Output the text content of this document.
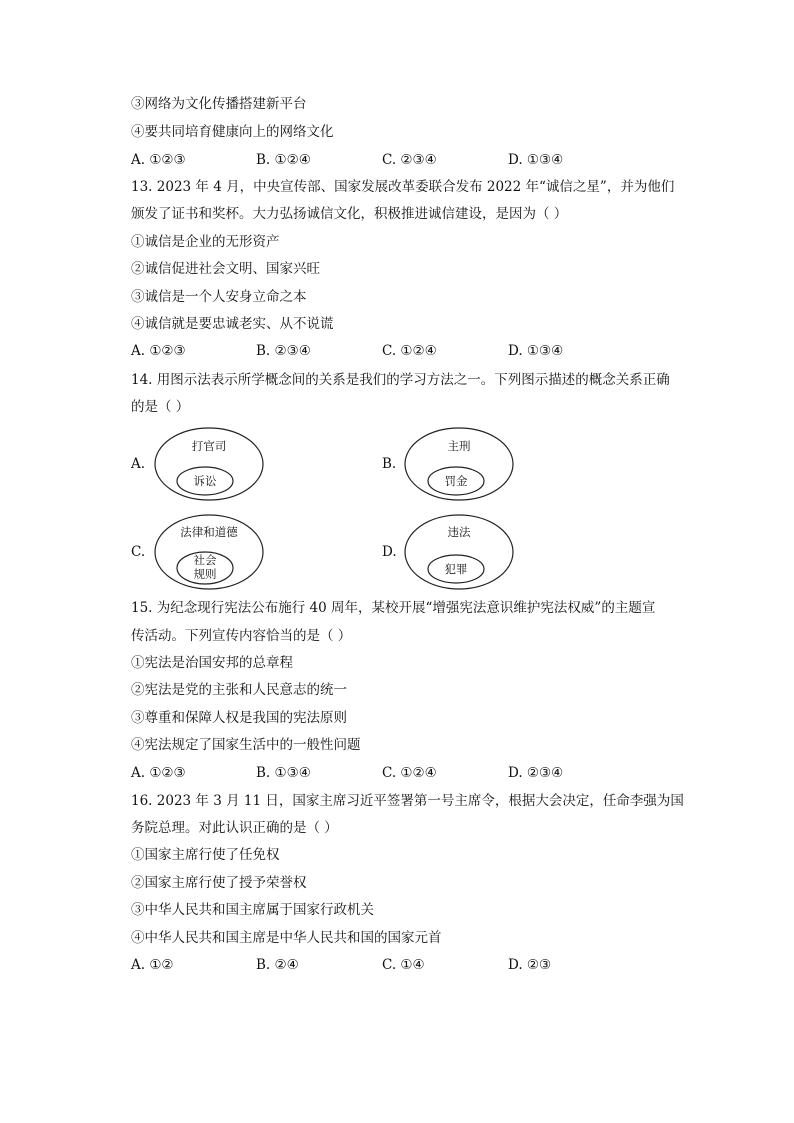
③网络为文化传播搭建新平台
④要共同培育健康向上的网络文化
A. ①②③	B. ①②④	C. ②③④	D. ①③④
13. 2023 年 4 月，中央宣传部、国家发展改革委联合发布 2022 年“诚信之星”，并为他们
颁发了证书和奖杯。大力弘扬诚信文化，积极推进诚信建设，是因为（ ）
①诚信是企业的无形资产
②诚信促进社会文明、国家兴旺
③诚信是一个人安身立命之本
④诚信就是要忠诚老实、从不说谎
A. ①②③	B. ②③④	C. ①②④	D. ①③④
14. 用图示法表示所学概念间的关系是我们的学习方法之一。下列图示描述的概念关系正确
的是（ ）
A.
打官司
诉讼
B.
主刑
罚金
C.
法律和道德
社会
规则
D.
违法
犯罪
15. 为纪念现行宪法公布施行 40 周年，某校开展“增强宪法意识维护宪法权威”的主题宣
传活动。下列宣传内容恰当的是（ ）
①宪法是治国安邦的总章程
②宪法是党的主张和人民意志的统一
③尊重和保障人权是我国的宪法原则
④宪法规定了国家生活中的一般性问题
A. ①②③	B. ①③④	C. ①②④	D. ②③④
16. 2023 年 3 月 11 日，国家主席习近平签署第一号主席令，根据大会决定，任命李强为国
务院总理。对此认识正确的是（ ）
①国家主席行使了任免权
②国家主席行使了授予荣誉权
③中华人民共和国主席属于国家行政机关
④中华人民共和国主席是中华人民共和国的国家元首
A. ①②	B. ②④	C. ①④	D. ②③
